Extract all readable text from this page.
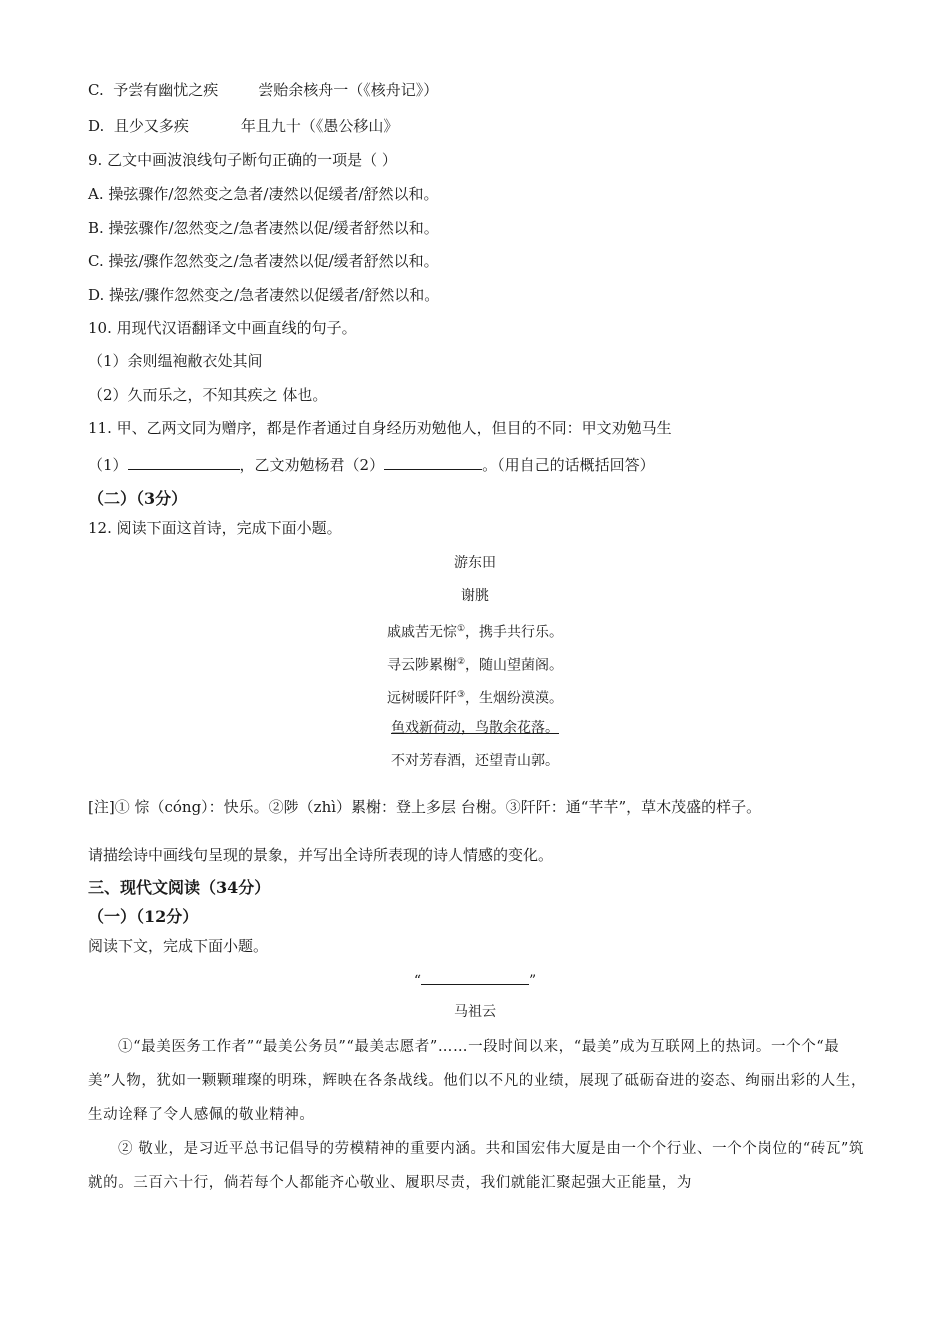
C. 予尝有幽忧之疾	尝贻余核舟一（《核舟记》）
D. 且少又多疾	年且九十（《愚公移山》
9. 乙文中画波浪线句子断句正确的一项是（ ）
A. 操弦骤作/忽然变之急者/凄然以促缓者/舒然以和。
B. 操弦骤作/忽然变之/急者凄然以促/缓者舒然以和。
C. 操弦/骤作忽然变之/急者凄然以促/缓者舒然以和。
D. 操弦/骤作忽然变之/急者凄然以促缓者/舒然以和。
10. 用现代汉语翻译文中画直线的句子。
（1）余则缊袍敝衣处其间
（2）久而乐之，不知其疾之 体也。
11. 甲、乙两文同为赠序，都是作者通过自身经历劝勉他人，但目的不同：甲文劝勉马生
（1）	，乙文劝勉杨君（2）	。（用自己的话概括回答）
（二）（3分）
12. 阅读下面这首诗，完成下面小题。
游东田
谢朓
戚戚苦无悰①，携手共行乐。
寻云陟累榭②，随山望菌阁。
远树暖阡阡③，生烟纷漠漠。
鱼戏新荷动，鸟散余花落。
不对芳春酒，还望青山郭。
[注]① 悰（cóng）：快乐。②陟（zhì）累榭：登上多层 台榭。③阡阡：通“芊芊”，草木茂盛的样子。
请描绘诗中画线句呈现的景象，并写出全诗所表现的诗人情感的变化。
三、现代文阅读（34分）
（一）（12分）
阅读下文，完成下面小题。
“	”
马祖云

①“最美医务工作者”“最美公务员”“最美志愿者”……一段时间以来，“最美”成为互联网上的热词。一个个“最美”人物，犹如一颗颗璀璨的明珠，辉映在各条战线。他们以不凡的业绩，展现了砥砺奋进的姿态、绚丽出彩的人生，生动诠释了令人感佩的敬业精神。

② 敬业，是习近平总书记倡导的劳模精神的重要内涵。共和国宏伟大厦是由一个个行业、一个个岗位的“砖瓦”筑就的。三百六十行，倘若每个人都能齐心敬业、履职尽责，我们就能汇聚起强大正能量，为
